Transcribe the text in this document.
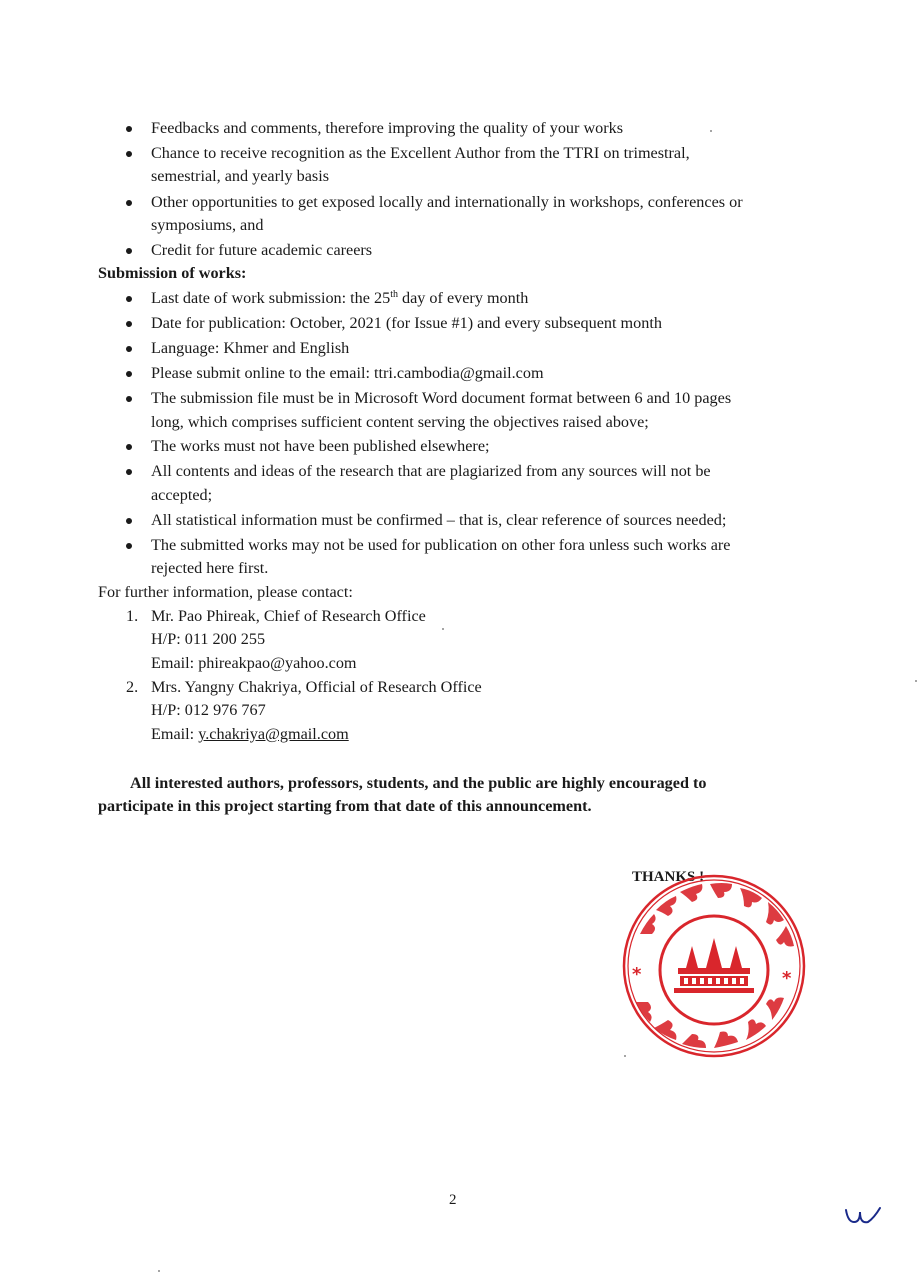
Feedbacks and comments, therefore improving the quality of your works
Chance to receive recognition as the Excellent Author from the TTRI on trimestral,
semestrial, and yearly basis
Other opportunities to get exposed locally and internationally in workshops, conferences or
symposiums, and
Credit for future academic careers
Submission of works:
Last date of work submission: the 25th day of every month
Date for publication: October, 2021 (for Issue #1) and every subsequent month
Language: Khmer and English
Please submit online to the email: ttri.cambodia@gmail.com
The submission file must be in Microsoft Word document format between 6 and 10 pages
long, which comprises sufficient content serving the objectives raised above;
The works must not have been published elsewhere;
All contents and ideas of the research that are plagiarized from any sources will not be
accepted;
All statistical information must be confirmed – that is, clear reference of sources needed;
The submitted works may not be used for publication on other fora unless such works are
rejected here first.
For further information, please contact:
1. Mr. Pao Phireak, Chief of Research Office
H/P: 011 200 255
Email: phireakpao@yahoo.com
2. Mrs. Yangny Chakriya, Official of Research Office
H/P: 012 976 767
Email: y.chakriya@gmail.com
All interested authors, professors, students, and the public are highly encouraged to
participate in this project starting from that date of this announcement.
THANKS !
*	*
2
